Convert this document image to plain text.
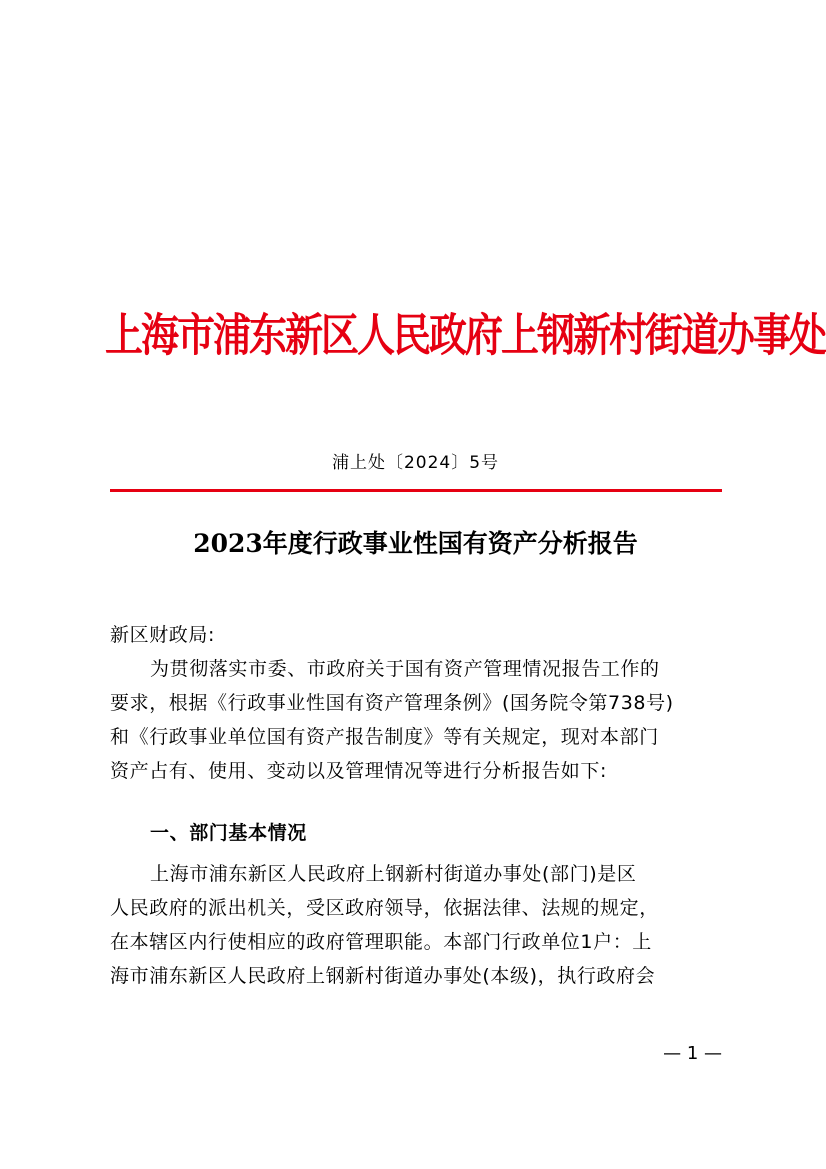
上海市浦东新区人民政府上钢新村街道办事处
浦上处〔2024〕5号
2023年度行政事业性国有资产分析报告
新区财政局:
为贯彻落实市委、市政府关于国有资产管理情况报告工作的
要求，根据《行政事业性国有资产管理条例》(国务院令第738号)
和《行政事业单位国有资产报告制度》等有关规定，现对本部门
资产占有、使用、变动以及管理情况等进行分析报告如下:
一、部门基本情况
上海市浦东新区人民政府上钢新村街道办事处(部门)是区
人民政府的派出机关，受区政府领导，依据法律、法规的规定，
在本辖区内行使相应的政府管理职能。本部门行政单位1户：上
海市浦东新区人民政府上钢新村街道办事处(本级)，执行政府会
— 1 —
